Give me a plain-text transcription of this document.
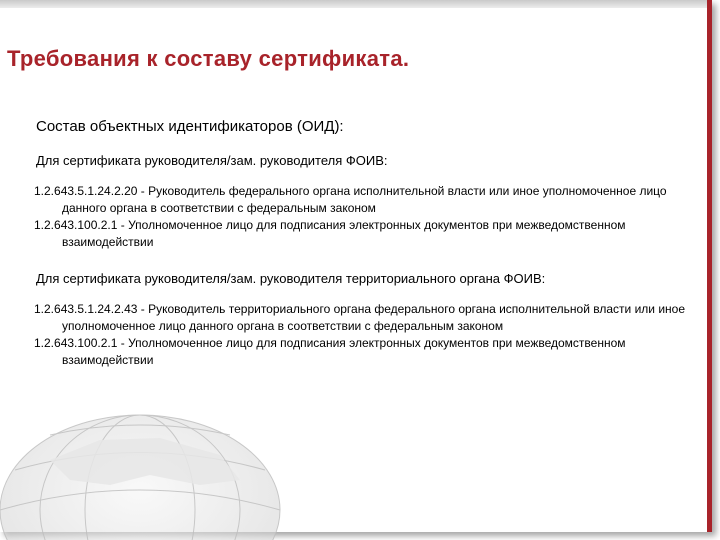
Требования к составу сертификата.
Состав объектных идентификаторов (ОИД):
Для сертификата руководителя/зам. руководителя ФОИВ:
1.2.643.5.1.24.2.20 - Руководитель федерального органа исполнительной власти или иное уполномоченное лицо данного органа в соответствии с федеральным законом
1.2.643.100.2.1 - Уполномоченное лицо для подписания электронных документов при межведомственном взаимодействии
Для сертификата руководителя/зам. руководителя территориального органа ФОИВ:
1.2.643.5.1.24.2.43 - Руководитель территориального органа федерального органа исполнительной власти или иное уполномоченное лицо данного органа в соответствии с федеральным законом
1.2.643.100.2.1 - Уполномоченное лицо для подписания электронных документов при межведомственном взаимодействии
